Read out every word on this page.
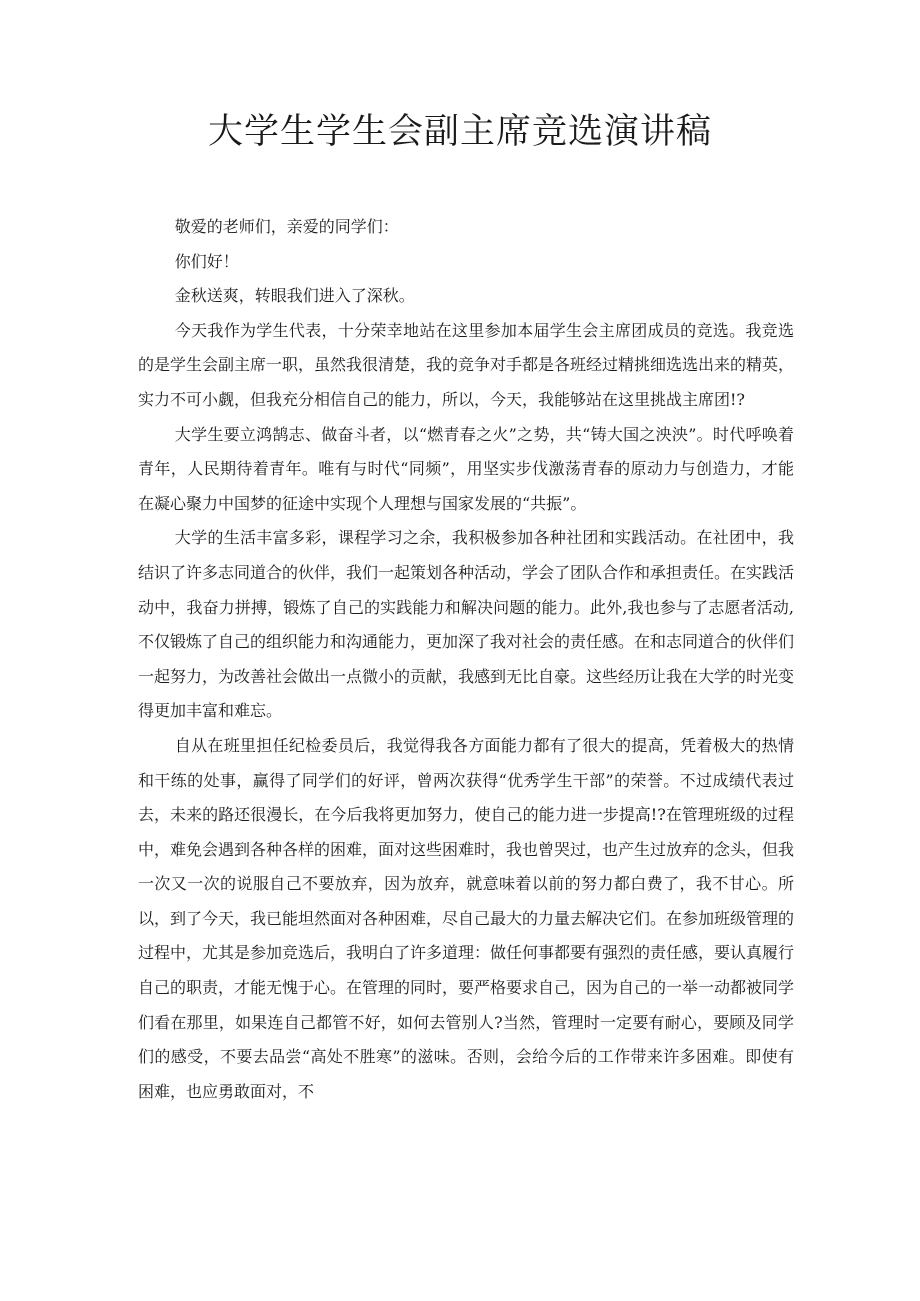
大学生学生会副主席竞选演讲稿

敬爱的老师们，亲爱的同学们：

你们好！

金秋送爽，转眼我们进入了深秋。

今天我作为学生代表，十分荣幸地站在这里参加本届学生会主席团成员的竞选。我竞选的是学生会副主席一职，虽然我很清楚，我的竞争对手都是各班经过精挑细选选出来的精英，实力不可小觑，但我充分相信自己的能力，所以，今天，我能够站在这里挑战主席团!?

大学生要立鸿鹄志、做奋斗者，以“燃青春之火”之势，共“铸大国之泱泱”。时代呼唤着青年，人民期待着青年。唯有与时代“同频”，用坚实步伐激荡青春的原动力与创造力，才能在凝心聚力中国梦的征途中实现个人理想与国家发展的“共振”。

大学的生活丰富多彩，课程学习之余，我积极参加各种社团和实践活动。在社团中，我结识了许多志同道合的伙伴，我们一起策划各种活动，学会了团队合作和承担责任。在实践活动中，我奋力拼搏，锻炼了自己的实践能力和解决问题的能力。此外,我也参与了志愿者活动,不仅锻炼了自己的组织能力和沟通能力，更加深了我对社会的责任感。在和志同道合的伙伴们一起努力，为改善社会做出一点微小的贡献，我感到无比自豪。这些经历让我在大学的时光变得更加丰富和难忘。

自从在班里担任纪检委员后，我觉得我各方面能力都有了很大的提高，凭着极大的热情和干练的处事，赢得了同学们的好评，曾两次获得“优秀学生干部”的荣誉。不过成绩代表过去，未来的路还很漫长，在今后我将更加努力，使自己的能力进一步提高!?在管理班级的过程中，难免会遇到各种各样的困难，面对这些困难时，我也曾哭过，也产生过放弃的念头，但我一次又一次的说服自己不要放弃，因为放弃，就意味着以前的努力都白费了，我不甘心。所以，到了今天，我已能坦然面对各种困难，尽自己最大的力量去解决它们。在参加班级管理的过程中，尤其是参加竞选后，我明白了许多道理：做任何事都要有强烈的责任感，要认真履行自己的职责，才能无愧于心。在管理的同时，要严格要求自己，因为自己的一举一动都被同学们看在那里，如果连自己都管不好，如何去管别人?当然，管理时一定要有耐心，要顾及同学们的感受，不要去品尝“高处不胜寒”的滋味。否则，会给今后的工作带来许多困难。即使有困难，也应勇敢面对，不
